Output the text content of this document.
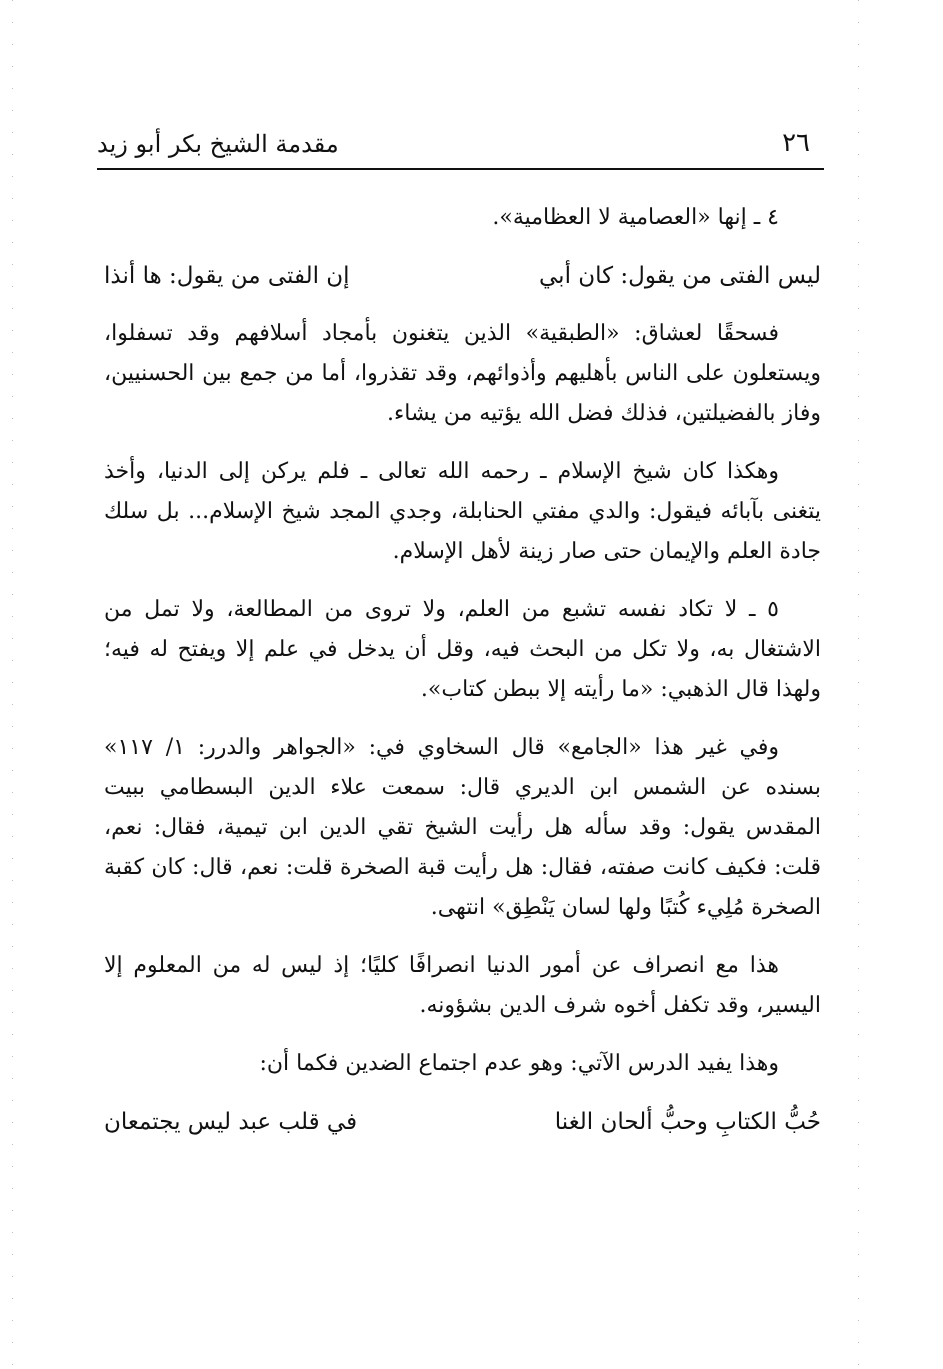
٢٦
مقدمة الشيخ بكر أبو زيد

٤ ـ إنها «العصامية لا العظامية».

ليس الفتى من يقول: كان أبي
إن الفتى من يقول: ها أنذا

فسحقًا لعشاق: «الطبقية» الذين يتغنون بأمجاد أسلافهم وقد تسفلوا، ويستعلون على الناس بأهليهم وأذوائهم، وقد تقذروا، أما من جمع بين الحسنيين، وفاز بالفضيلتين، فذلك فضل الله يؤتيه من يشاء.

وهكذا كان شيخ الإسلام ـ رحمه الله تعالى ـ فلم يركن إلى الدنيا، وأخذ يتغنى بآبائه فيقول: والدي مفتي الحنابلة، وجدي المجد شيخ الإسلام... بل سلك جادة العلم والإيمان حتى صار زينة لأهل الإسلام.

٥ ـ لا تكاد نفسه تشبع من العلم، ولا تروى من المطالعة، ولا تمل من الاشتغال به، ولا تكل من البحث فيه، وقل أن يدخل في علم إلا ويفتح له فيه؛ ولهذا قال الذهبي: «ما رأيته إلا ببطن كتاب».

وفي غير هذا «الجامع» قال السخاوي في: «الجواهر والدرر: ١/ ١١٧» بسنده عن الشمس ابن الديري قال: سمعت علاء الدين البسطامي ببيت المقدس يقول: وقد سأله هل رأيت الشيخ تقي الدين ابن تيمية، فقال: نعم، قلت: فكيف كانت صفته، فقال: هل رأيت قبة الصخرة قلت: نعم، قال: كان كقبة الصخرة مُلِيء كُتبًا ولها لسان يَنْطِق» انتهى.

هذا مع انصراف عن أمور الدنيا انصرافًا كليًا؛ إذ ليس له من المعلوم إلا اليسير، وقد تكفل أخوه شرف الدين بشؤونه.

وهذا يفيد الدرس الآتي: وهو عدم اجتماع الضدين فكما أن:

حُبُّ الكتابِ وحبُّ ألحان الغنا
في قلب عبد ليس يجتمعان
